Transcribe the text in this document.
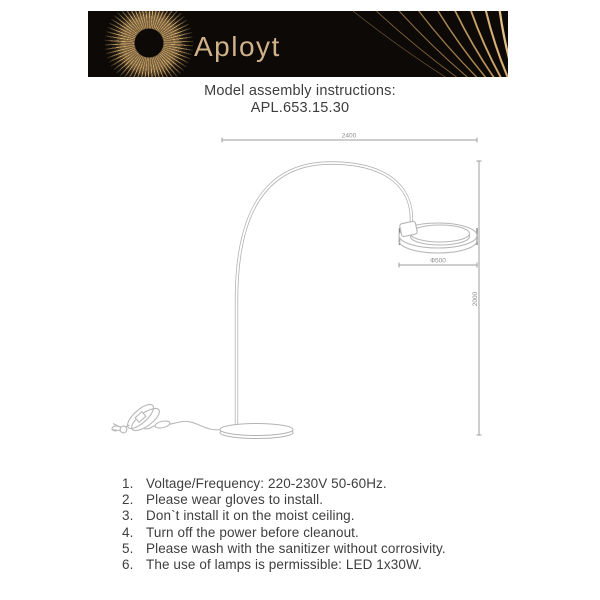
Aployt
Model assembly instructions:
APL.653.15.30
2400
2000
Ф500
1. Voltage/Frequency: 220-230V 50-60Hz.
2. Please wear gloves to install.
3. Don`t install it on the moist ceiling.
4. Turn off the power before cleanout.
5. Please wash with the sanitizer without corrosivity.
6. The use of lamps is permissible: LED 1x30W.
